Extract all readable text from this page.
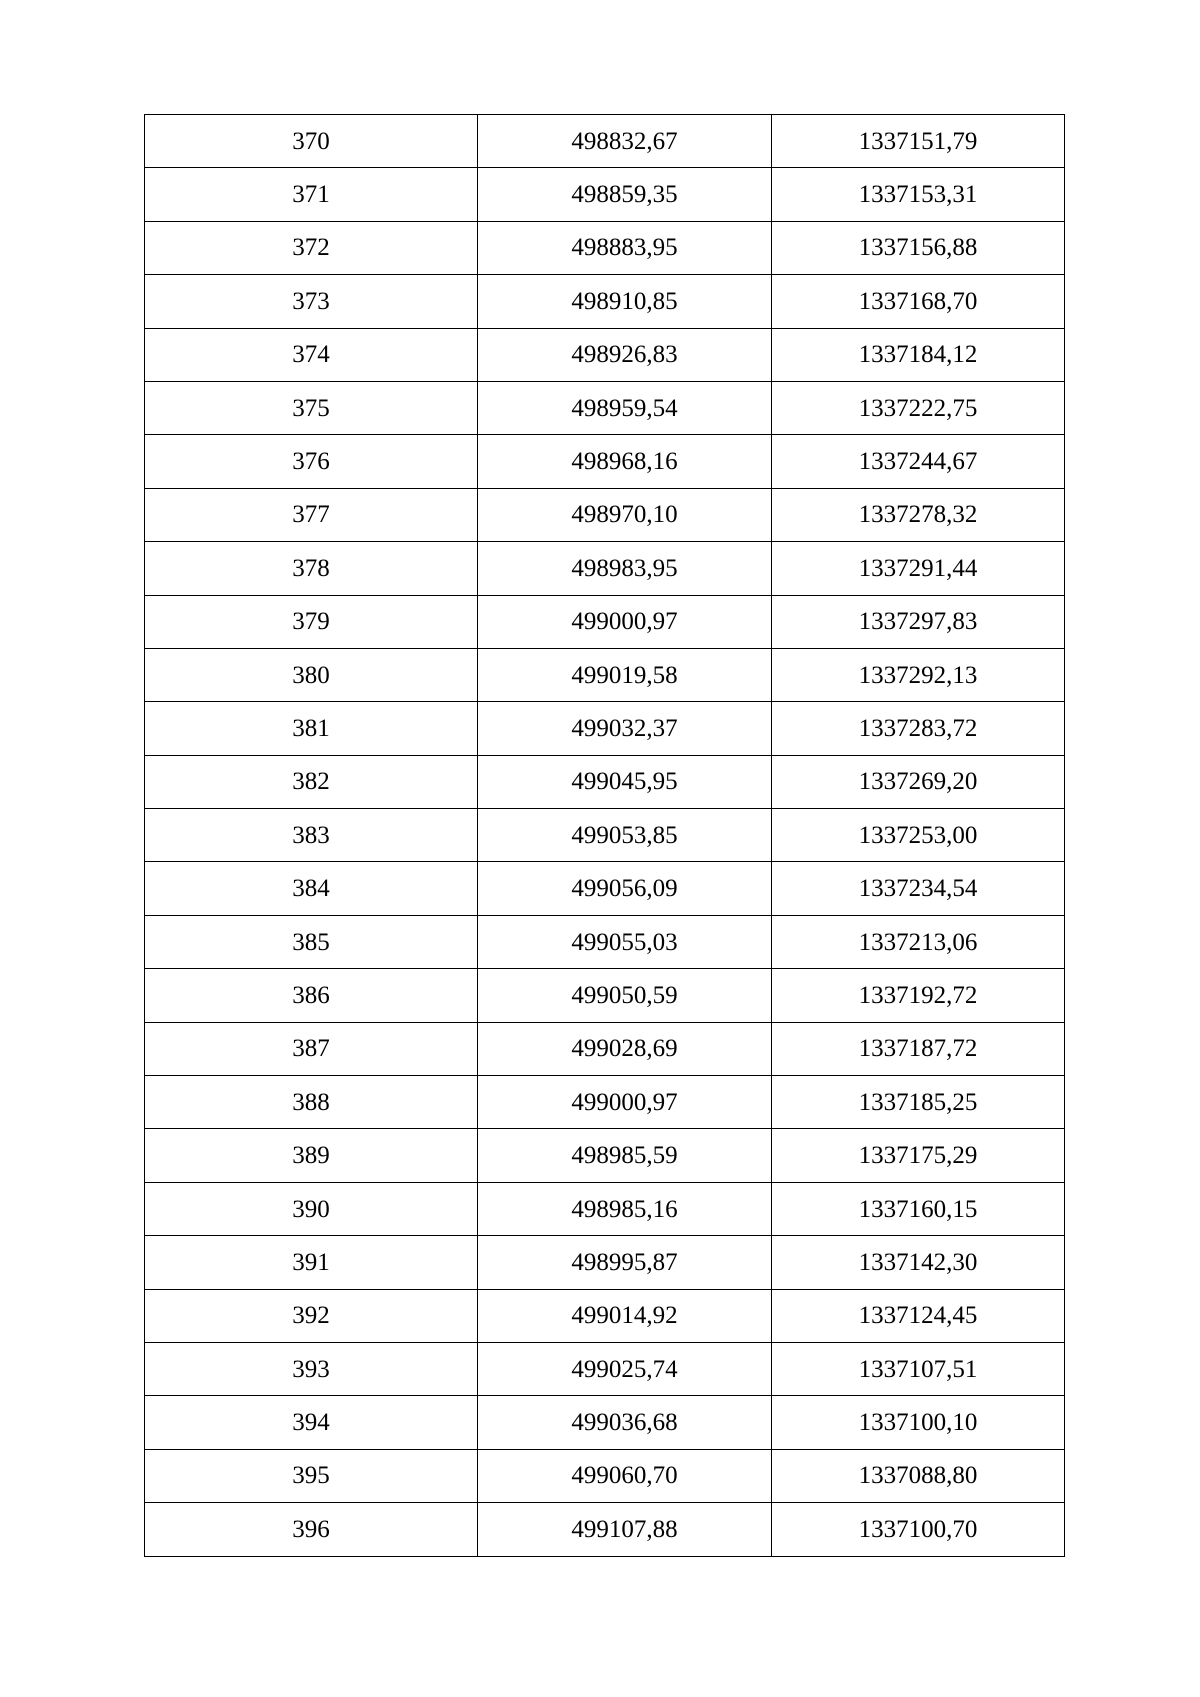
370	498832,67	1337151,79
371	498859,35	1337153,31
372	498883,95	1337156,88
373	498910,85	1337168,70
374	498926,83	1337184,12
375	498959,54	1337222,75
376	498968,16	1337244,67
377	498970,10	1337278,32
378	498983,95	1337291,44
379	499000,97	1337297,83
380	499019,58	1337292,13
381	499032,37	1337283,72
382	499045,95	1337269,20
383	499053,85	1337253,00
384	499056,09	1337234,54
385	499055,03	1337213,06
386	499050,59	1337192,72
387	499028,69	1337187,72
388	499000,97	1337185,25
389	498985,59	1337175,29
390	498985,16	1337160,15
391	498995,87	1337142,30
392	499014,92	1337124,45
393	499025,74	1337107,51
394	499036,68	1337100,10
395	499060,70	1337088,80
396	499107,88	1337100,70
